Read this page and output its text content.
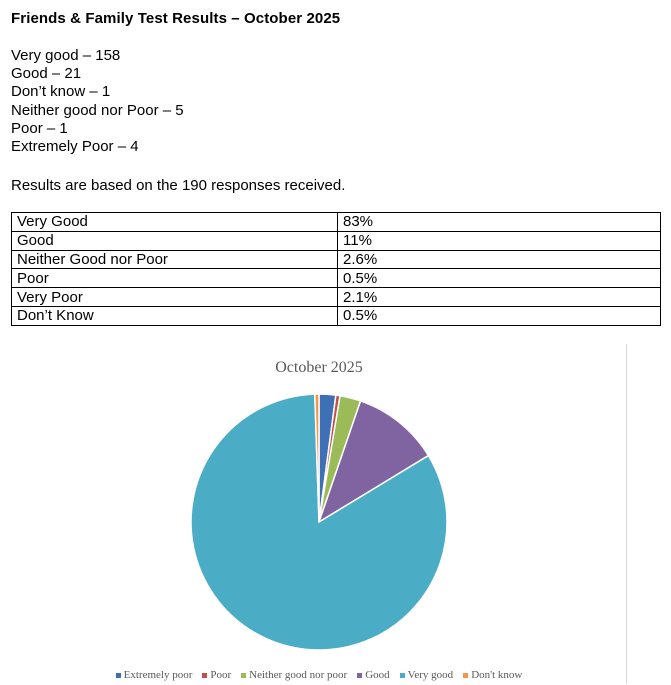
Friends & Family Test Results – October 2025
Very good – 158
Good – 21
Don’t know – 1
Neither good nor Poor – 5
Poor – 1
Extremely Poor – 4
Results are based on the 190 responses received.
Very Good	83%
Good	11%
Neither Good nor Poor	2.6%
Poor	0.5%
Very Poor	2.1%
Don’t Know	0.5%
October 2025
Extremely poor Poor Neither good nor poor Good Very good Don't know
